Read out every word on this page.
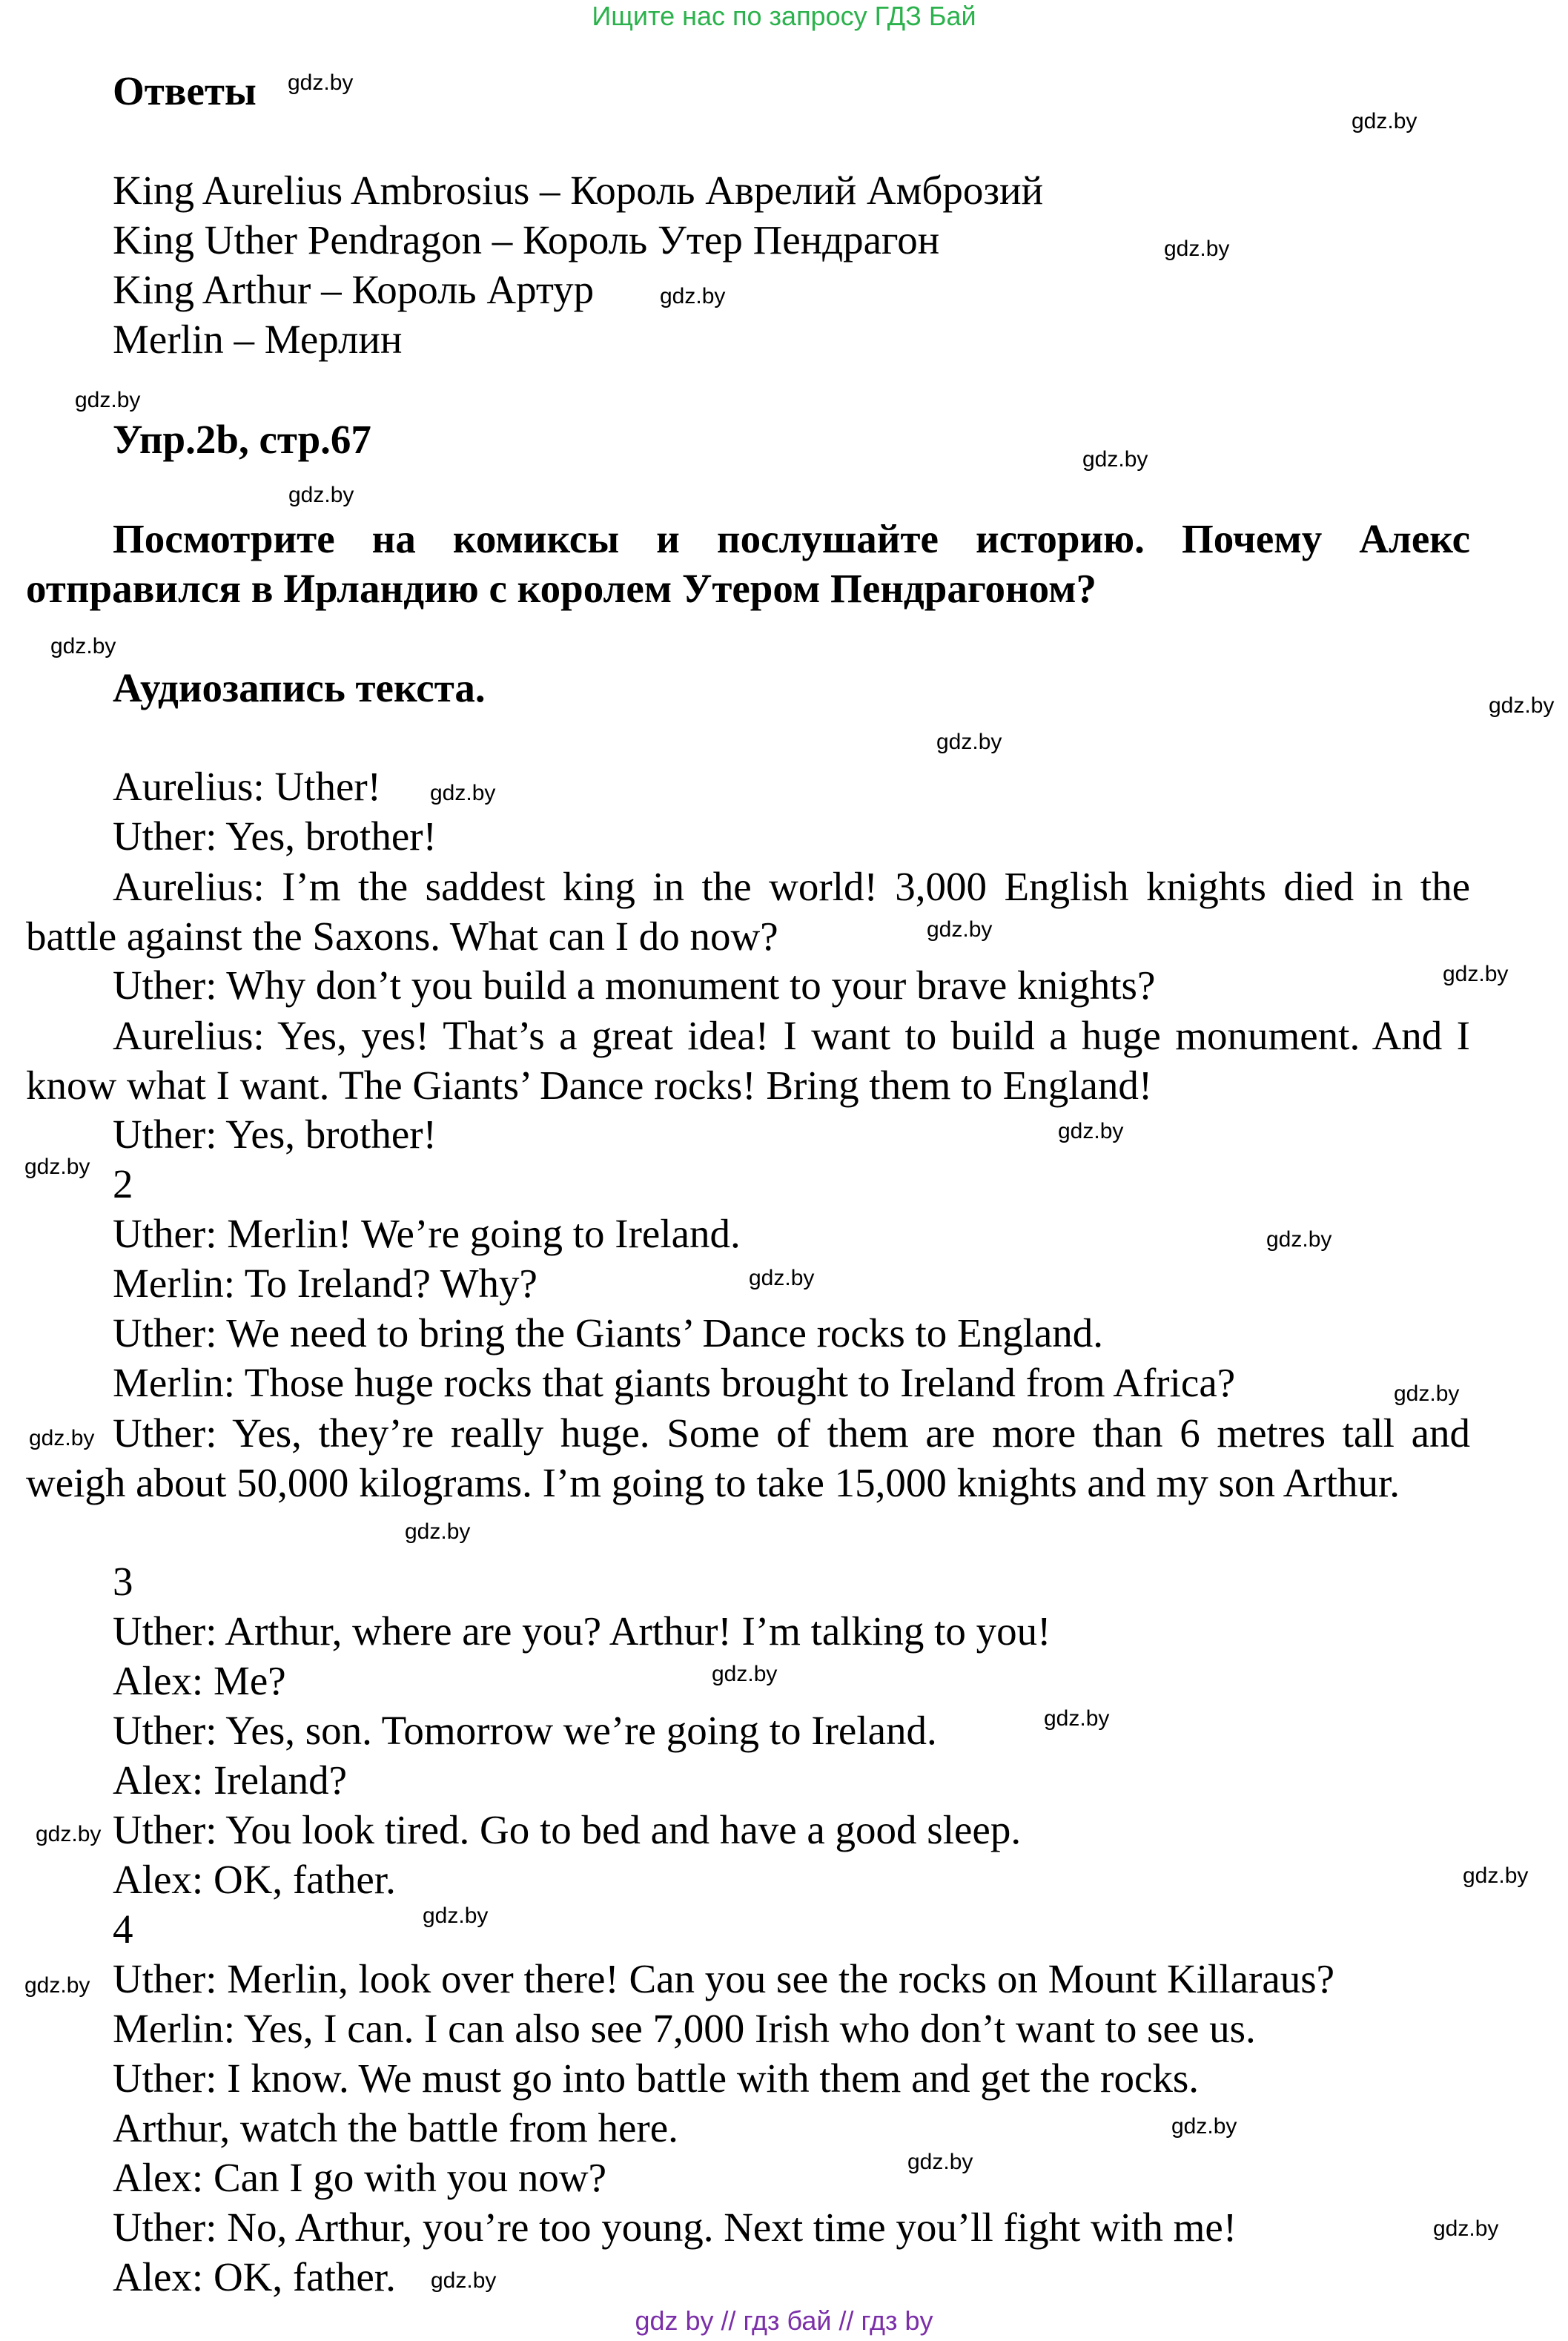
Ищите нас по запросу ГДЗ Бай
Ответы
King Aurelius Ambrosius – Король Аврелий Амброзий
King Uther Pendragon – Король Утер Пендрагон
King Arthur – Король Артур
Merlin – Мерлин
Упр.2b, стр.67
Посмотрите на комиксы и послушайте историю. Почему Алекс отправился в Ирландию с королем Утером Пендрагоном?
Аудиозапись текста.
Aurelius: Uther!
Uther: Yes, brother!
Aurelius: I’m the saddest king in the world! 3,000 English knights died in the battle against the Saxons. What can I do now?
Uther: Why don’t you build a monument to your brave knights?
Aurelius: Yes, yes! That’s a great idea! I want to build a huge monument. And I know what I want. The Giants’ Dance rocks! Bring them to England!
Uther: Yes, brother!
2
Uther: Merlin! We’re going to Ireland.
Merlin: To Ireland? Why?
Uther: We need to bring the Giants’ Dance rocks to England.
Merlin: Those huge rocks that giants brought to Ireland from Africa?
Uther: Yes, they’re really huge. Some of them are more than 6 metres tall and weigh about 50,000 kilograms. I’m going to take 15,000 knights and my son Arthur.
3
Uther: Arthur, where are you? Arthur! I’m talking to you!
Alex: Me?
Uther: Yes, son. Tomorrow we’re going to Ireland.
Alex: Ireland?
Uther: You look tired. Go to bed and have a good sleep.
Alex: OK, father.
4
Uther: Merlin, look over there! Can you see the rocks on Mount Killaraus?
Merlin: Yes, I can. I can also see 7,000 Irish who don’t want to see us.
Uther: I know. We must go into battle with them and get the rocks.
Arthur, watch the battle from here.
Alex: Can I go with you now?
Uther: No, Arthur, you’re too young. Next time you’ll fight with me!
Alex: OK, father.
gdz.by
gdz.by
gdz.by
gdz.by
gdz.by
gdz.by
gdz.by
gdz.by
gdz.by
gdz.by
gdz.by
gdz.by
gdz.by
gdz.by
gdz.by
gdz.by
gdz.by
gdz.by
gdz.by
gdz.by
gdz.by
gdz.by
gdz.by
gdz.by
gdz.by
gdz.by
gdz.by
gdz.by
gdz.by
gdz.by
gdz by // гдз бай // гдз by
